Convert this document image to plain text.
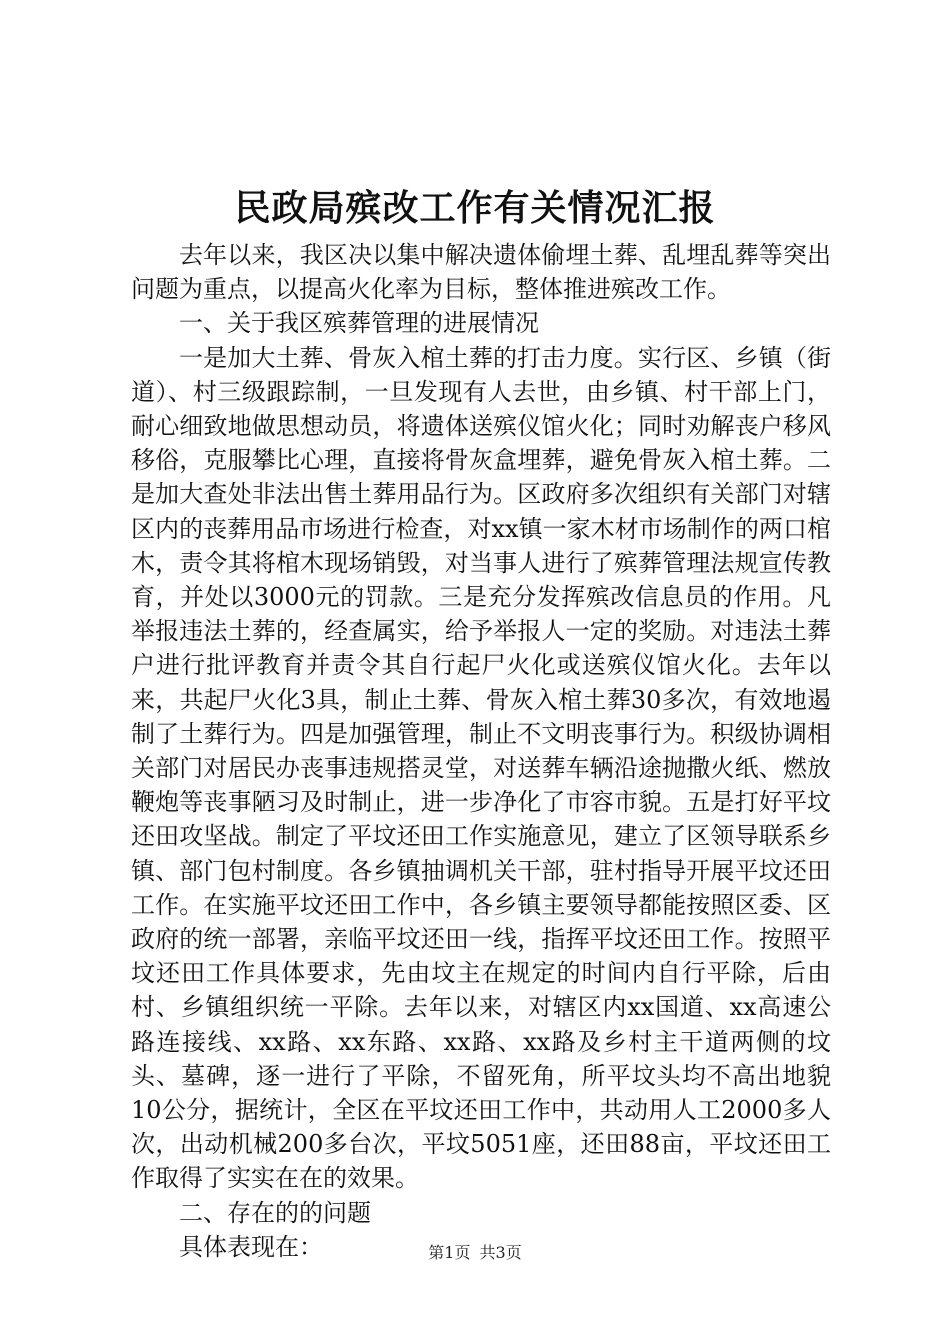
民政局殡改工作有关情况汇报

去年以来，我区决以集中解决遗体偷埋土葬、乱埋乱葬等突出问题为重点，以提高火化率为目标，整体推进殡改工作。

一、关于我区殡葬管理的进展情况

一是加大土葬、骨灰入棺土葬的打击力度。实行区、乡镇（街道）、村三级跟踪制，一旦发现有人去世，由乡镇、村干部上门，耐心细致地做思想动员，将遗体送殡仪馆火化；同时劝解丧户移风移俗，克服攀比心理，直接将骨灰盒埋葬，避免骨灰入棺土葬。二是加大查处非法出售土葬用品行为。区政府多次组织有关部门对辖区内的丧葬用品市场进行检查，对xx镇一家木材市场制作的两口棺木，责令其将棺木现场销毁，对当事人进行了殡葬管理法规宣传教育，并处以3000元的罚款。三是充分发挥殡改信息员的作用。凡举报违法土葬的，经查属实，给予举报人一定的奖励。对违法土葬户进行批评教育并责令其自行起尸火化或送殡仪馆火化。去年以来，共起尸火化3具，制止土葬、骨灰入棺土葬30多次，有效地遏制了土葬行为。四是加强管理，制止不文明丧事行为。积级协调相关部门对居民办丧事违规搭灵堂，对送葬车辆沿途抛撒火纸、燃放鞭炮等丧事陋习及时制止，进一步净化了市容市貌。五是打好平坟还田攻坚战。制定了平坟还田工作实施意见，建立了区领导联系乡镇、部门包村制度。各乡镇抽调机关干部，驻村指导开展平坟还田工作。在实施平坟还田工作中，各乡镇主要领导都能按照区委、区政府的统一部署，亲临平坟还田一线，指挥平坟还田工作。按照平坟还田工作具体要求，先由坟主在规定的时间内自行平除，后由村、乡镇组织统一平除。去年以来，对辖区内xx国道、xx高速公路连接线、xx路、xx东路、xx路、xx路及乡村主干道两侧的坟头、墓碑，逐一进行了平除，不留死角，所平坟头均不高出地貌10公分，据统计，全区在平坟还田工作中，共动用人工2000多人次，出动机械200多台次，平坟5051座，还田88亩，平坟还田工作取得了实实在在的效果。

二、存在的的问题

具体表现在：	第1页 共3页
